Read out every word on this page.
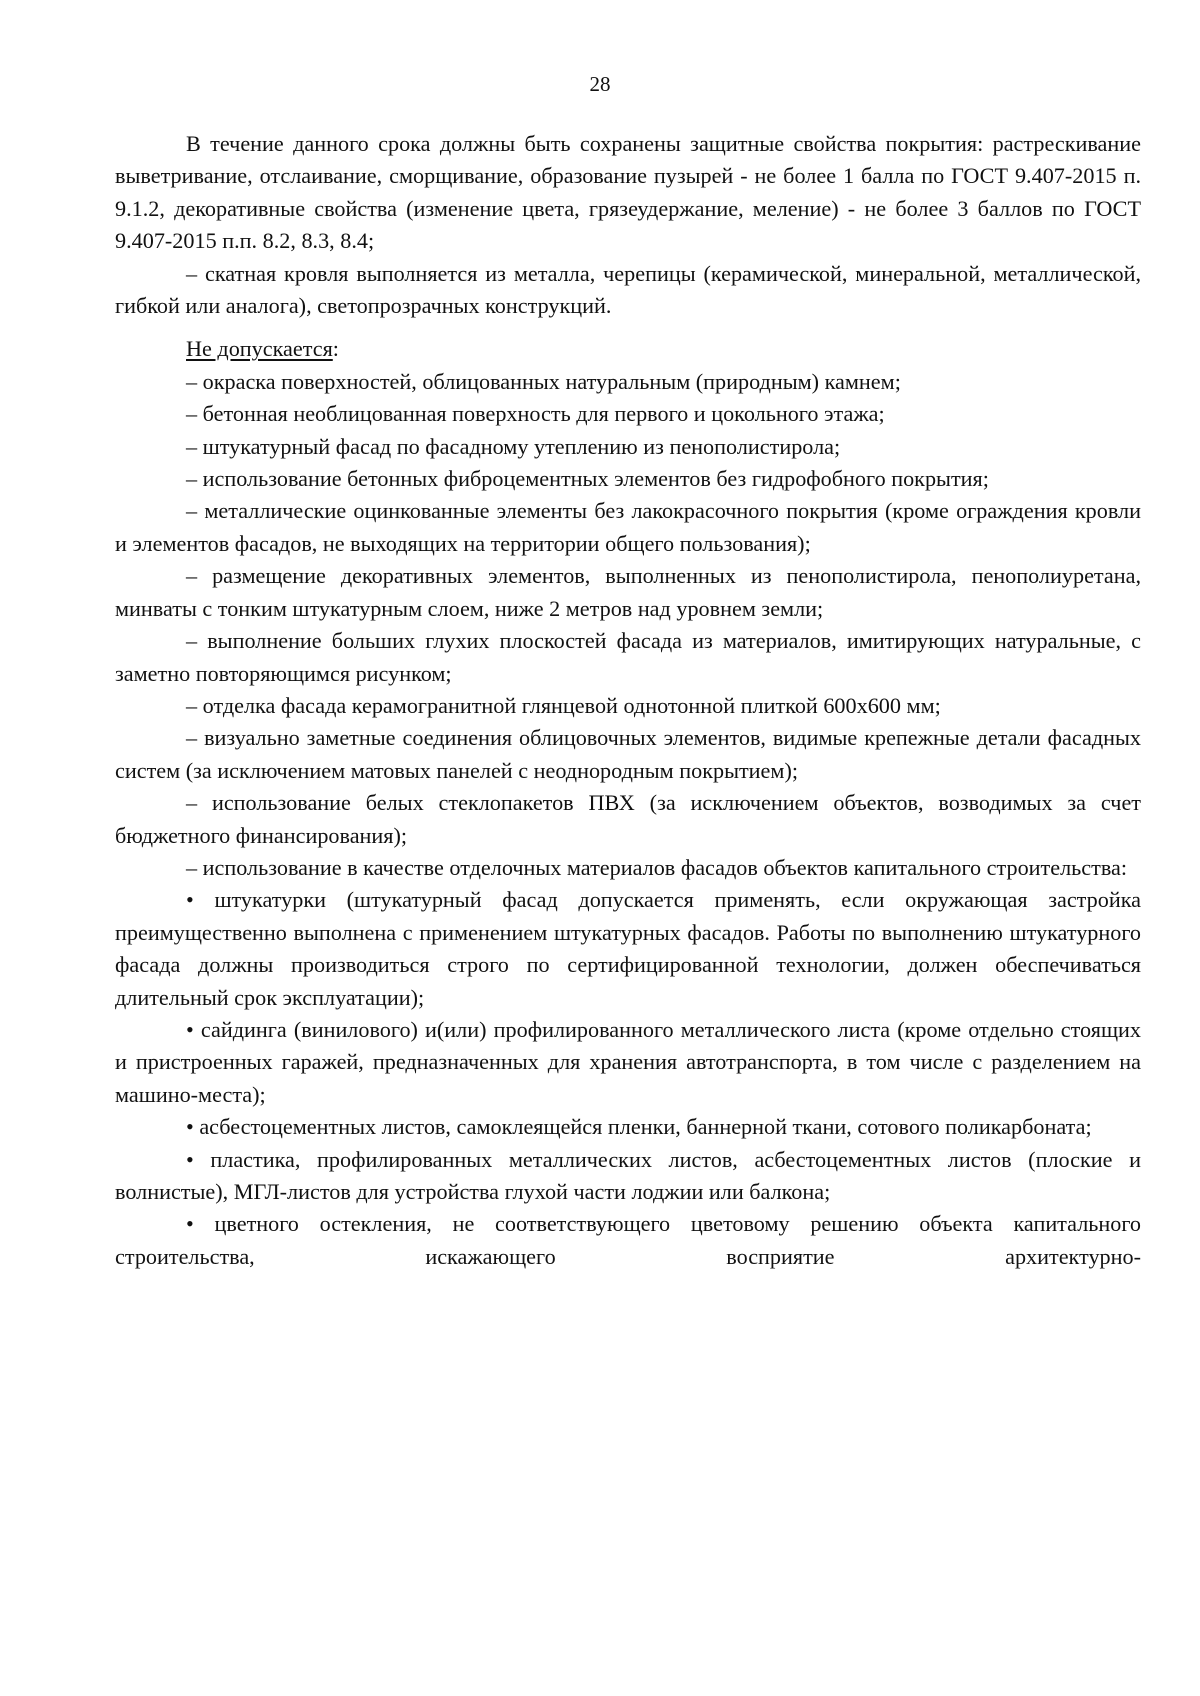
28

В течение данного срока должны быть сохранены защитные свойства покрытия: растрескивание выветривание, отслаивание, сморщивание, образование пузырей - не более 1 балла по ГОСТ 9.407-2015 п. 9.1.2, декоративные свойства (изменение цвета, грязеудержание, меление) - не более 3 баллов по ГОСТ 9.407-2015 п.п. 8.2, 8.3, 8.4;

– скатная кровля выполняется из металла, черепицы (керамической, минеральной, металлической, гибкой или аналога), светопрозрачных конструкций.

Не допускается:

– окраска поверхностей, облицованных натуральным (природным) камнем;

– бетонная необлицованная поверхность для первого и цокольного этажа;

– штукатурный фасад по фасадному утеплению из пенополистирола;

– использование бетонных фиброцементных элементов без гидрофобного покрытия;

– металлические оцинкованные элементы без лакокрасочного покрытия (кроме ограждения кровли и элементов фасадов, не выходящих на территории общего пользования);

– размещение декоративных элементов, выполненных из пенополистирола, пенополиуретана, минваты с тонким штукатурным слоем, ниже 2 метров над уровнем земли;

– выполнение больших глухих плоскостей фасада из материалов, имитирующих натуральные, с заметно повторяющимся рисунком;

– отделка фасада керамогранитной глянцевой однотонной плиткой 600х600 мм;

– визуально заметные соединения облицовочных элементов, видимые крепежные детали фасадных систем (за исключением матовых панелей с неоднородным покрытием);

– использование белых стеклопакетов ПВХ (за исключением объектов, возводимых за счет бюджетного финансирования);

– использование в качестве отделочных материалов фасадов объектов капитального строительства:

• штукатурки (штукатурный фасад допускается применять, если окружающая застройка преимущественно выполнена с применением штукатурных фасадов. Работы по выполнению штукатурного фасада должны производиться строго по сертифицированной технологии, должен обеспечиваться длительный срок эксплуатации);

• сайдинга (винилового) и(или) профилированного металлического листа (кроме отдельно стоящих и пристроенных гаражей, предназначенных для хранения автотранспорта, в том числе с разделением на машино-места);

• асбестоцементных листов, самоклеящейся пленки, баннерной ткани, сотового поликарбоната;

• пластика, профилированных металлических листов, асбестоцементных листов (плоские и волнистые), МГЛ-листов для устройства глухой части лоджии или балкона;

• цветного остекления, не соответствующего цветовому решению объекта капитального строительства, искажающего восприятие архитектурно-
